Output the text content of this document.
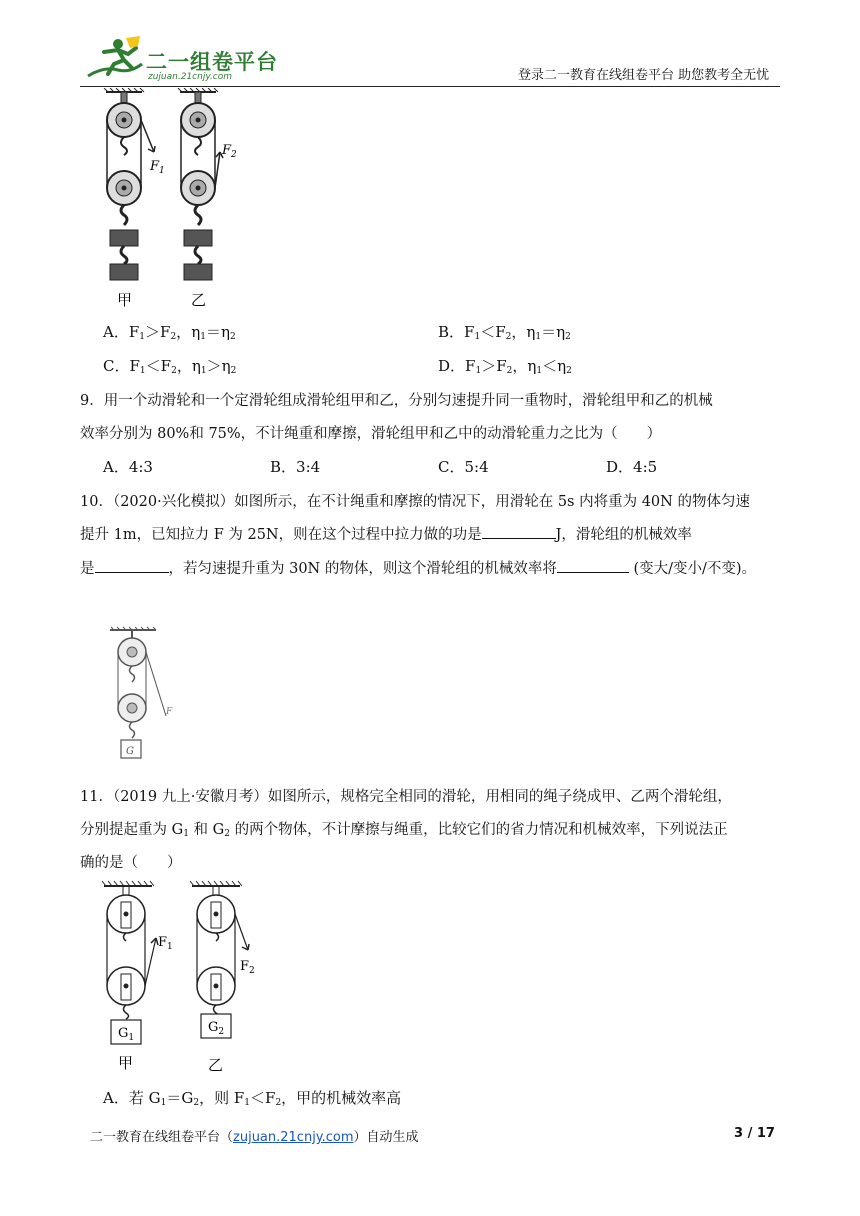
二一组卷平台
zujuan.21cnjy.com	登录二一教育在线组卷平台 助您教考全无忧
$F_1$
$F_2$
甲	乙
A．$F_1>F_2$，$\eta_1=\eta_2$	B．$F_1<F_2$，$\eta_1=\eta_2$
C．$F_1<F_2$，$\eta_1>\eta_2$	D．$F_1>F_2$，$\eta_1<\eta_2$
9．用一个动滑轮和一个定滑轮组成滑轮组甲和乙，分别匀速提升同一重物时，滑轮组甲和乙的机械
效率分别为 80%和 75%，不计绳重和摩擦，滑轮组甲和乙中的动滑轮重力之比为（　　）
A．4:3	B．3:4	C．5:4	D．4:5
10．（2020·兴化模拟）如图所示，在不计绳重和摩擦的情况下，用滑轮在 5s 内将重为 40N 的物体匀速
提升 1m，已知拉力 F 为 25N，则在这个过程中拉力做的功是	J，滑轮组的机械效率
是	，若匀速提升重为 30N 的物体，则这个滑轮组的机械效率将	(变大/变小/不变)。
F
G
11．（2019 九上·安徽月考）如图所示，规格完全相同的滑轮，用相同的绳子绕成甲、乙两个滑轮组，
分别提起重为 $G_1$ 和 $G_2$ 的两个物体，不计摩擦与绳重，比较它们的省力情况和机械效率，下列说法正
确的是（　　）
$F_1$
$F_2$
$G_1$
$G_2$
甲	乙
A．若 $G_1=G_2$，则 $F_1<F_2$，甲的机械效率高
二一教育在线组卷平台（zujuan.21cnjy.com）自动生成	3 / 17
